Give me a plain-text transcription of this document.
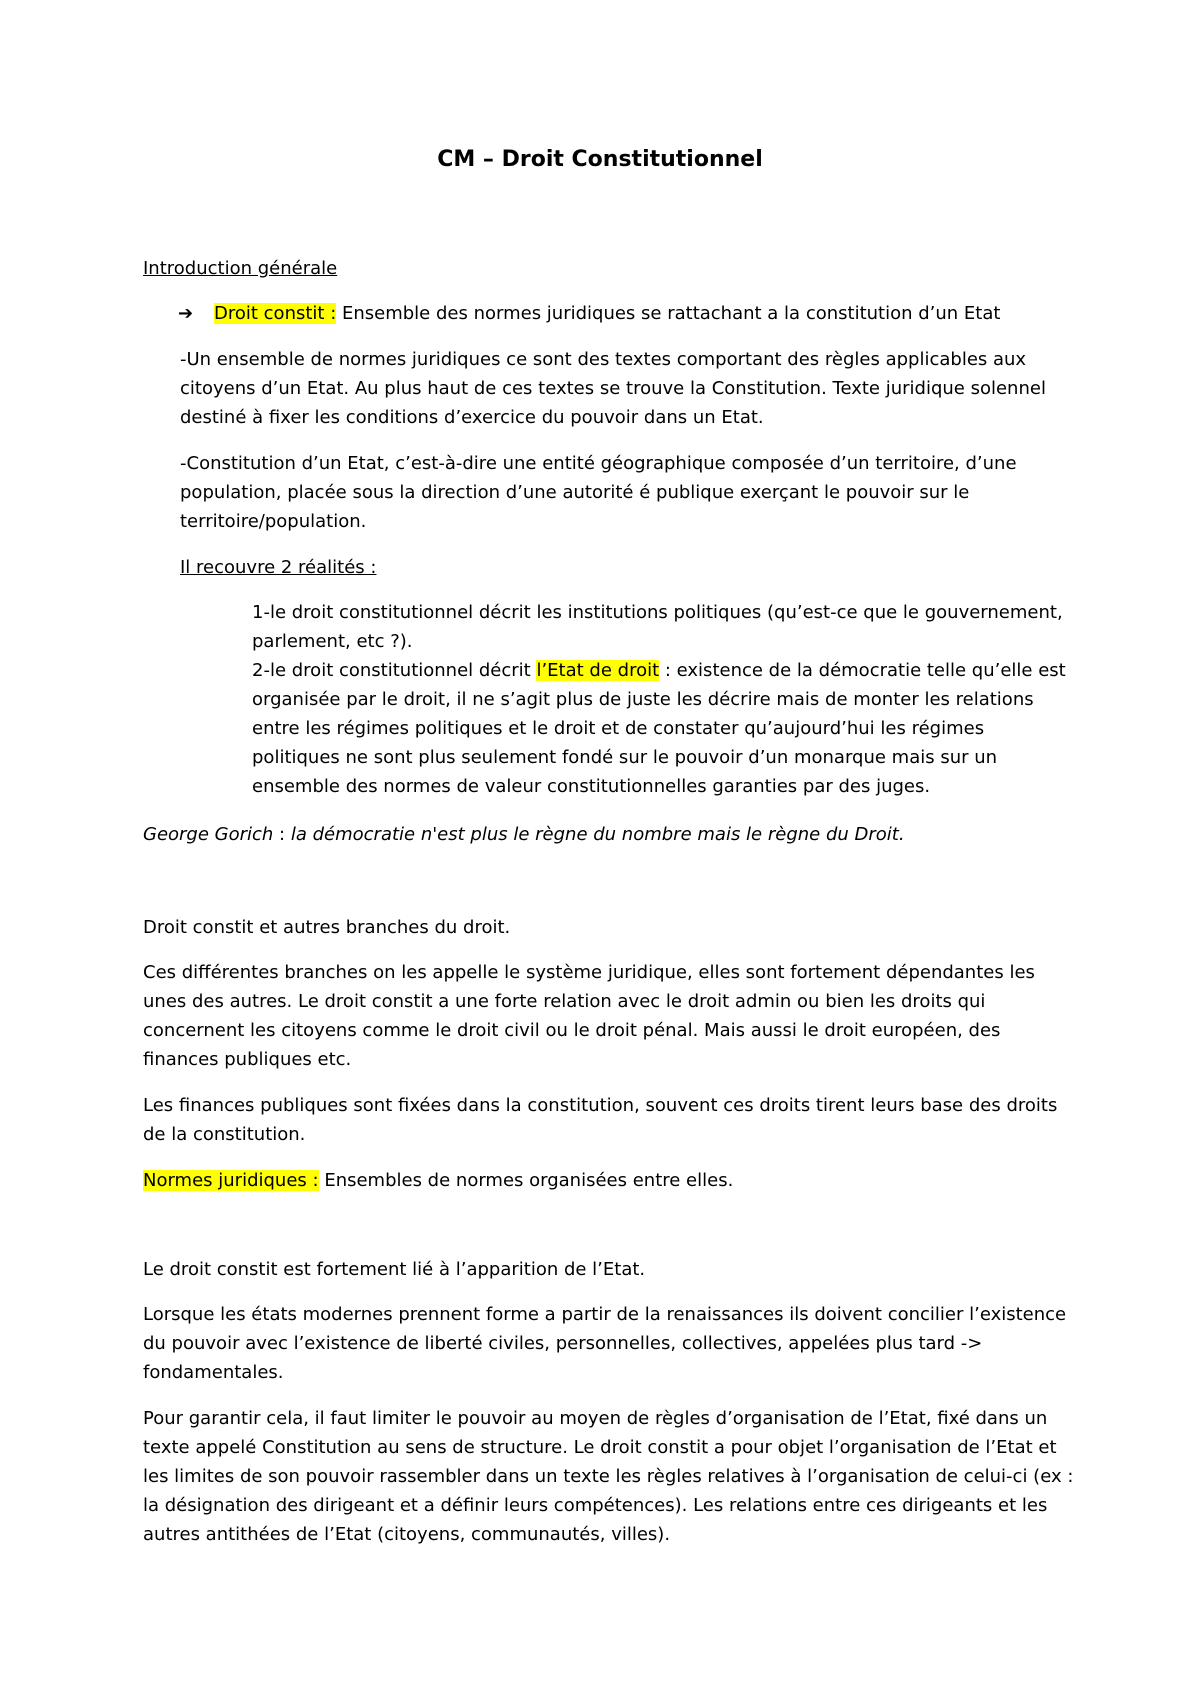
CM – Droit Constitutionnel
Introduction générale
➔ Droit constit : Ensemble des normes juridiques se rattachant a la constitution d’un Etat
-Un ensemble de normes juridiques ce sont des textes comportant des règles applicables aux
citoyens d’un Etat. Au plus haut de ces textes se trouve la Constitution. Texte juridique solennel
destiné à fixer les conditions d’exercice du pouvoir dans un Etat.
-Constitution d’un Etat, c’est-à-dire une entité géographique composée d’un territoire, d’une
population, placée sous la direction d’une autorité é publique exerçant le pouvoir sur le
territoire/population.
Il recouvre 2 réalités :
1-le droit constitutionnel décrit les institutions politiques (qu’est-ce que le gouvernement,
parlement, etc ?).
2-le droit constitutionnel décrit l’Etat de droit : existence de la démocratie telle qu’elle est
organisée par le droit, il ne s’agit plus de juste les décrire mais de monter les relations
entre les régimes politiques et le droit et de constater qu’aujourd’hui les régimes
politiques ne sont plus seulement fondé sur le pouvoir d’un monarque mais sur un
ensemble des normes de valeur constitutionnelles garanties par des juges.
George Gorich : la démocratie n'est plus le règne du nombre mais le règne du Droit.
Droit constit et autres branches du droit.
Ces différentes branches on les appelle le système juridique, elles sont fortement dépendantes les
unes des autres. Le droit constit a une forte relation avec le droit admin ou bien les droits qui
concernent les citoyens comme le droit civil ou le droit pénal. Mais aussi le droit européen, des
finances publiques etc.
Les finances publiques sont fixées dans la constitution, souvent ces droits tirent leurs base des droits
de la constitution.
Normes juridiques : Ensembles de normes organisées entre elles.
Le droit constit est fortement lié à l’apparition de l’Etat.
Lorsque les états modernes prennent forme a partir de la renaissances ils doivent concilier l’existence
du pouvoir avec l’existence de liberté civiles, personnelles, collectives, appelées plus tard ->
fondamentales.
Pour garantir cela, il faut limiter le pouvoir au moyen de règles d’organisation de l’Etat, fixé dans un
texte appelé Constitution au sens de structure. Le droit constit a pour objet l’organisation de l’Etat et
les limites de son pouvoir rassembler dans un texte les règles relatives à l’organisation de celui-ci (ex :
la désignation des dirigeant et a définir leurs compétences). Les relations entre ces dirigeants et les
autres antithées de l’Etat (citoyens, communautés, villes).
